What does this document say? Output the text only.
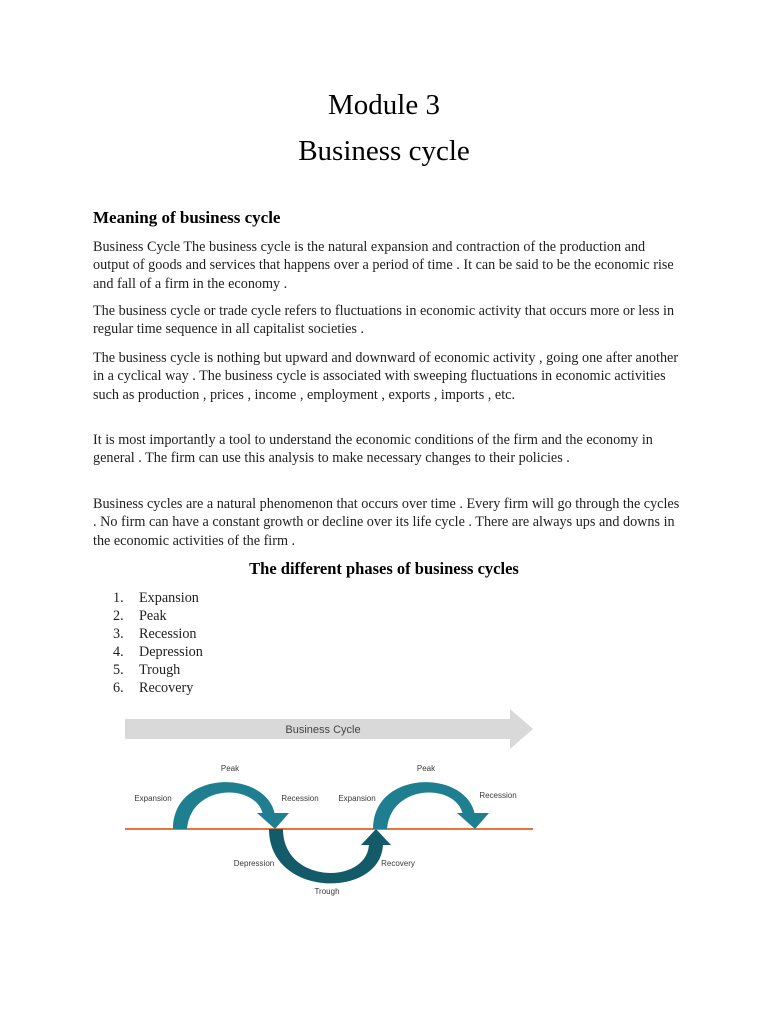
Module 3
Business cycle
Meaning of business cycle

Business Cycle The business cycle is the natural expansion and contraction of the production and output of goods and services that happens over a period of time . It can be said to be the economic rise and fall of a firm in the economy .

The business cycle or trade cycle refers to fluctuations in economic activity that occurs more or less in regular time sequence in all capitalist societies .

The business cycle is nothing but upward and downward of economic activity , going one after another in a cyclical way . The business cycle is associated with sweeping fluctuations in economic activities such as production , prices , income , employment , exports , imports , etc.

It is most importantly a tool to understand the economic conditions of the firm and the economy in general . The firm can use this analysis to make necessary changes to their policies .

Business cycles are a natural phenomenon that occurs over time . Every firm will go through the cycles . No firm can have a constant growth or decline over its life cycle . There are always ups and downs in the economic activities of the firm .

The different phases of business cycles
1. Expansion
2. Peak
3. Recession
4. Depression
5. Trough
6. Recovery
Business Cycle
Expansion
Peak
Recession
Depression
Trough
Recovery
Expansion
Peak
Recession
